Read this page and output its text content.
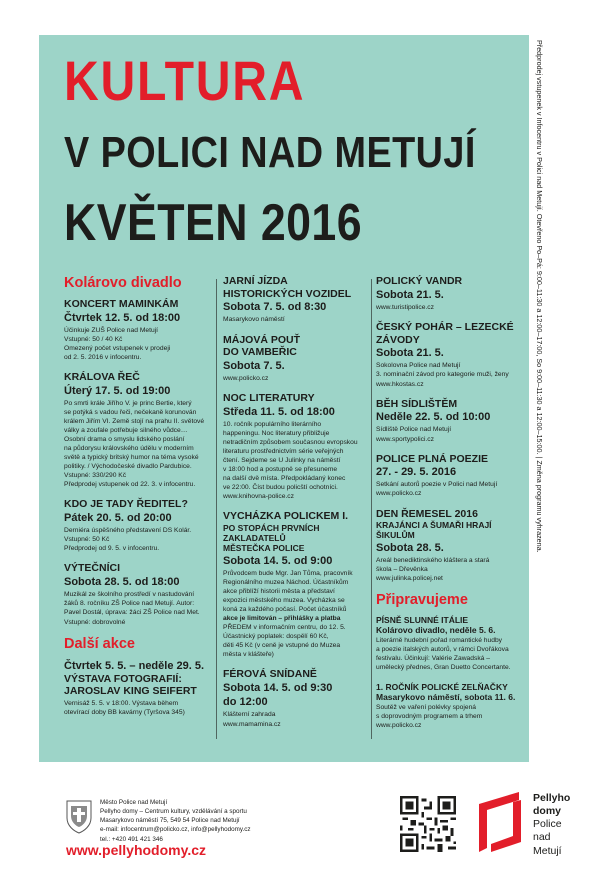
KULTURA
V POLICI NAD METUJÍ
KVĚTEN 2016
Kolárovo divadlo
KONCERT MAMINKÁM
Čtvrtek 12. 5. od 18:00
Účinkuje ZUŠ Police nad Metují
Vstupné: 50 / 40 Kč
Omezený počet vstupenek v prodeji
od 2. 5. 2016 v infocentru.
KRÁLOVA ŘEČ
Úterý 17. 5. od 19:00
Po smrti krále Jiřího V. je princ Bertie, který
se potýká s vadou řeči, nečekaně korunován
králem Jiřím VI. Země stojí na prahu II. světové
války a zoufale potřebuje silného vůdce…
Osobní drama o smyslu lidského poslání
na půdorysu královského údělu v moderním
světě a typický britský humor na téma vysoké
politiky. / Východočeské divadlo Pardubice.
Vstupné: 330/290 Kč
Předprodej vstupenek od 22. 3. v infocentru.
KDO JE TADY ŘEDITEL?
Pátek 20. 5. od 20:00
Derniéra úspěšného představení DS Kolár.
Vstupné: 50 Kč
Předprodej od 9. 5. v infocentru.
VÝTEČNÍCI
Sobota 28. 5. od 18:00
Muzikál ze školního prostředí v nastudování
žáků 8. ročníku ZŠ Police nad Metují. Autor:
Pavel Dostál, úprava: žáci ZŠ Police nad Met.
Vstupné: dobrovolné
Další akce
Čtvrtek 5. 5. – neděle 29. 5.
VÝSTAVA FOTOGRAFIÍ:
JAROSLAV KING SEIFERT
Vernisáž 5. 5. v 18:00. Výstava během
otevírací doby BB kavárny (Tyršova 345)
JARNÍ JÍZDA
HISTORICKÝCH VOZIDEL
Sobota 7. 5. od 8:30
Masarykovo náměstí
MÁJOVÁ POUŤ
DO VAMBEŘIC
Sobota 7. 5.
www.policko.cz
NOC LITERATURY
Středa 11. 5. od 18:00
10. ročník populárního literárního
happeningu. Noc literatury přibližuje
netradičním způsobem současnou evropskou
literaturu prostřednictvím série veřejných
čtení. Sejdeme se U Julinky na náměstí
v 18:00 hod a postupně se přesuneme
na další dvě místa. Předpokládaný konec
ve 22:00. Číst budou policští ochotníci.
www.knihovna-police.cz
VYCHÁZKA POLICKEM I.
PO STOPÁCH PRVNÍCH ZAKLADATELŮ
MĚSTEČKA POLICE
Sobota 14. 5. od 9:00
Průvodcem bude Mgr. Jan Tůma, pracovník
Regionálního muzea Náchod. Účastníkům
akce přiblíží historii města a představí
expozici městského muzea. Vycházka se
koná za každého počasí. Počet účastníků
akce je limitován – přihlášky a platba
PŘEDEM v informačním centru, do 12. 5.
Účastnický poplatek: dospělí 60 Kč,
děti 45 Kč (v ceně je vstupné do Muzea
města v klášteře)
FÉROVÁ SNÍDANĚ
Sobota 14. 5. od 9:30
do 12:00
Klášterní zahrada
www.mamamina.cz
POLICKÝ VANDR
Sobota 21. 5.
www.turistipolice.cz
ČESKÝ POHÁR – LEZECKÉ
ZÁVODY
Sobota 21. 5.
Sokolovna Police nad Metují
3. nominační závod pro kategorie muži, ženy
www.hkostas.cz
BĚH SÍDLIŠTĚM
Neděle 22. 5. od 10:00
Sídliště Police nad Metují
www.sportypolici.cz
POLICE PLNÁ POEZIE
27. - 29. 5. 2016
Setkání autorů poezie v Polici nad Metují
www.policko.cz
DEN ŘEMESEL 2016
KRAJÁNCI A ŠUMAŘI HRAJÍ ŠIKULŮM
Sobota 28. 5.
Areál benediktinského kláštera a stará
škola – Dřevěnka
www.julinka.policej.net
Připravujeme
PÍSNĚ SLUNNÉ ITÁLIE
Kolárovo divadlo, neděle 5. 6.
Literárně hudební pořad romantické hudby
a poezie italských autorů, v rámci Dvořákova
festivalu. Účinkují: Valérie Zawadská –
umělecký přednes, Gran Duetto Concertante.
1. ROČNÍK POLICKÉ ZELŇAČKY
Masarykovo náměstí, sobota 11. 6.
Soutěž ve vaření polévky spojená
s doprovodným programem a trhem
www.policko.cz
Předprodej vstupenek v Infocentru v Polici nad Metují. Otevřeno Po–Pá: 9:00–11:30 a 12:00–17:00, So 9:00–11:30 a 12:00–15:00. | Změna programu vyhrazena.
Město Police nad Metují
Pellyho domy – Centrum kultury, vzdělávání a sportu
Masarykovo náměstí 75, 549 54 Police nad Metují
e-mail: infocentrum@policko.cz, info@pellyhodomy.cz
tel.: +420 491 421 346
www.pellyhodomy.cz
Pellyho
domy
Police
nad
Metují
